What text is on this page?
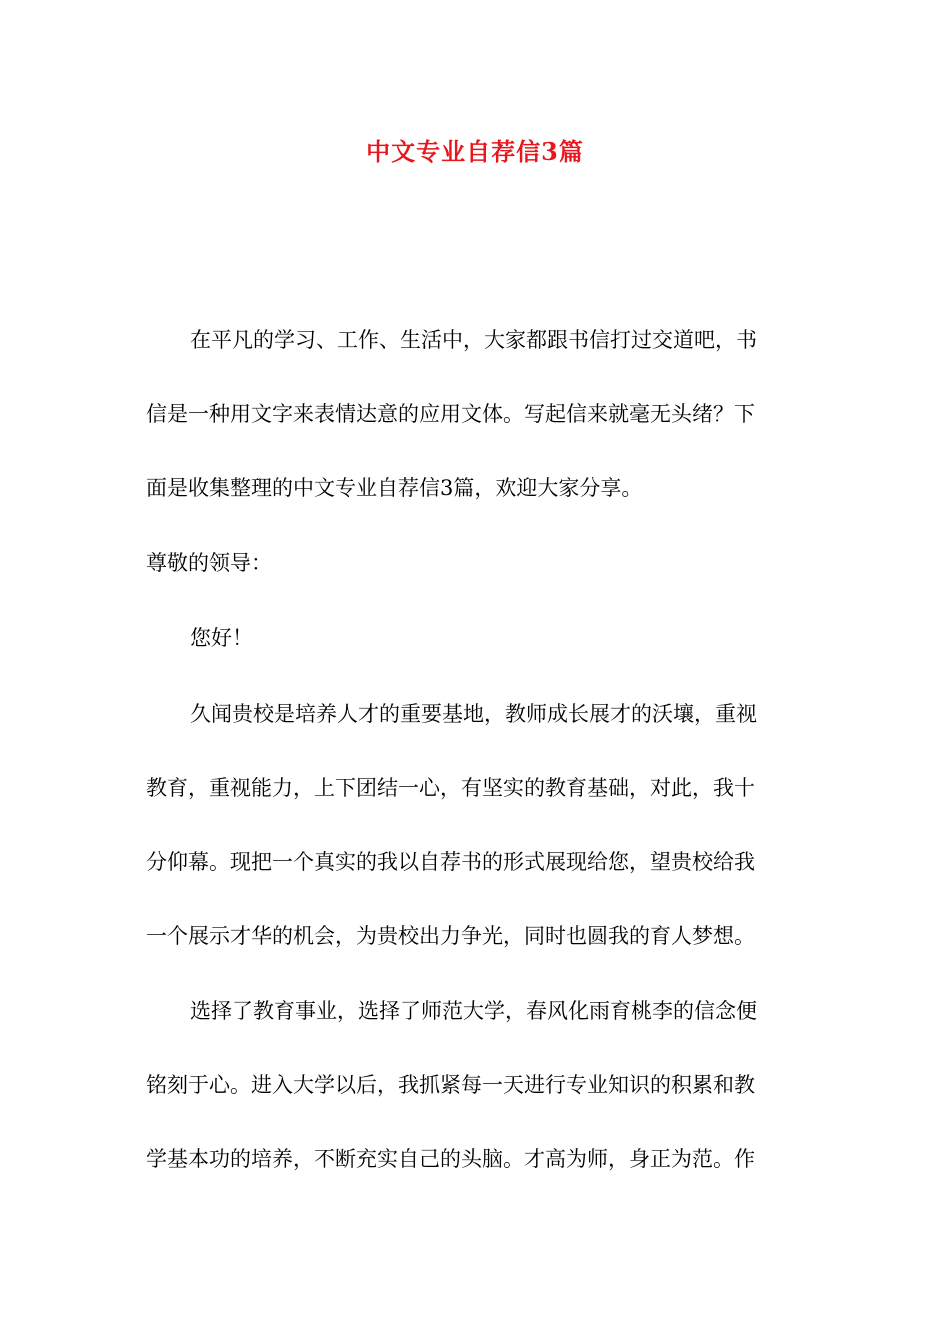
中文专业自荐信3篇
在平凡的学习、工作、生活中，大家都跟书信打过交道吧，书
信是一种用文字来表情达意的应用文体。写起信来就毫无头绪？下
面是收集整理的中文专业自荐信3篇，欢迎大家分享。
尊敬的领导：
您好！
久闻贵校是培养人才的重要基地，教师成长展才的沃壤，重视
教育，重视能力，上下团结一心，有坚实的教育基础，对此，我十
分仰幕。现把一个真实的我以自荐书的形式展现给您，望贵校给我
一个展示才华的机会，为贵校出力争光，同时也圆我的育人梦想。
选择了教育事业，选择了师范大学，春风化雨育桃李的信念便
铭刻于心。进入大学以后，我抓紧每一天进行专业知识的积累和教
学基本功的培养，不断充实自己的头脑。才高为师，身正为范。作
